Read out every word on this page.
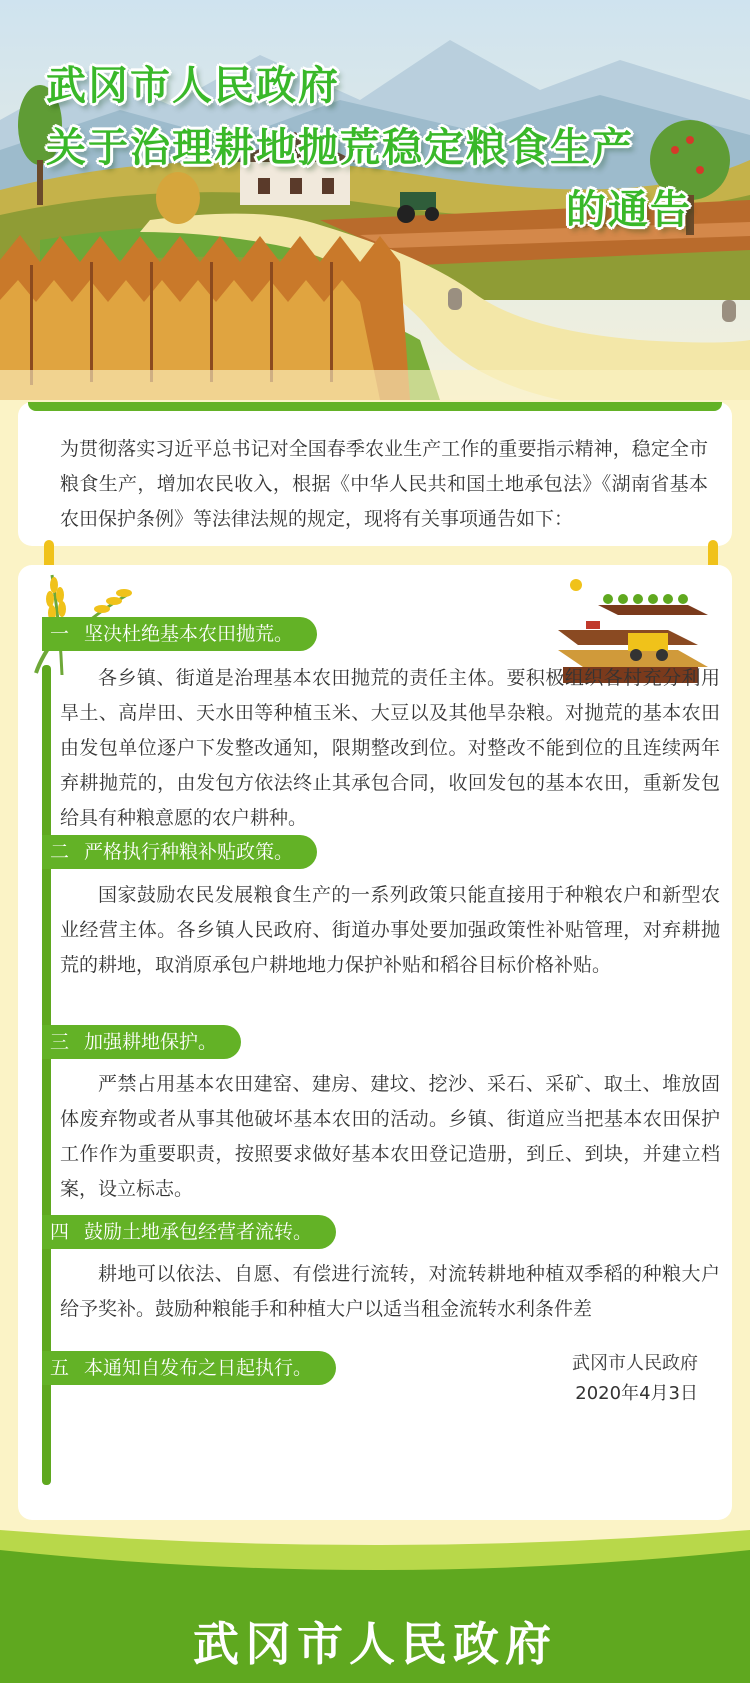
武冈市人民政府
关于治理耕地抛荒稳定粮食生产
的通告

为贯彻落实习近平总书记对全国春季农业生产工作的重要指示精神，稳定全市粮食生产，增加农民收入，根据《中华人民共和国土地承包法》《湖南省基本农田保护条例》等法律法规的规定，现将有关事项通告如下：

一 坚决杜绝基本农田抛荒。

各乡镇、街道是治理基本农田抛荒的责任主体。要积极组织各村充分利用旱土、高岸田、天水田等种植玉米、大豆以及其他旱杂粮。对抛荒的基本农田由发包单位逐户下发整改通知，限期整改到位。对整改不能到位的且连续两年弃耕抛荒的，由发包方依法终止其承包合同，收回发包的基本农田，重新发包给具有种粮意愿的农户耕种。

二 严格执行种粮补贴政策。

国家鼓励农民发展粮食生产的一系列政策只能直接用于种粮农户和新型农业经营主体。各乡镇人民政府、街道办事处要加强政策性补贴管理，对弃耕抛荒的耕地，取消原承包户耕地地力保护补贴和稻谷目标价格补贴。

三 加强耕地保护。

严禁占用基本农田建窑、建房、建坟、挖沙、采石、采矿、取土、堆放固体废弃物或者从事其他破坏基本农田的活动。乡镇、街道应当把基本农田保护工作作为重要职责，按照要求做好基本农田登记造册，到丘、到块，并建立档案，设立标志。

四 鼓励土地承包经营者流转。

耕地可以依法、自愿、有偿进行流转，对流转耕地种植双季稻的种粮大户给予奖补。鼓励种粮能手和种植大户以适当租金流转水利条件差

五 本通知自发布之日起执行。	武冈市人民政府
2020年4月3日
武冈市人民政府
